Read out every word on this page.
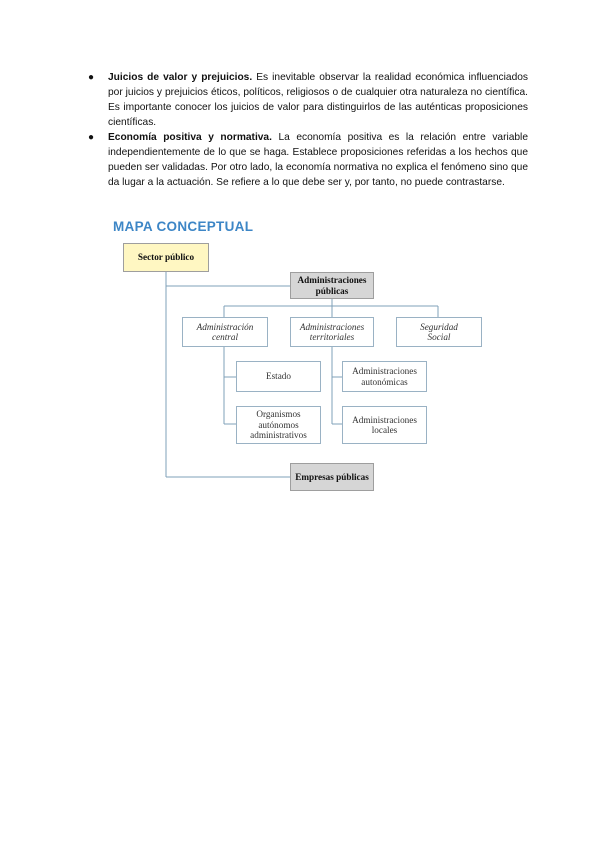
● Juicios de valor y prejuicios. Es inevitable observar la realidad económica influenciados por juicios y prejuicios éticos, políticos, religiosos o de cualquier otra naturaleza no científica. Es importante conocer los juicios de valor para distinguirlos de las auténticas proposiciones científicas.
● Economía positiva y normativa. La economía positiva es la relación entre variable independientemente de lo que se haga. Establece proposiciones referidas a los hechos que pueden ser validadas. Por otro lado, la economía normativa no explica el fenómeno sino que da lugar a la actuación. Se refiere a lo que debe ser y, por tanto, no puede contrastarse.
MAPA CONCEPTUAL
Sector público
Administraciones públicas
Administración central
Administraciones territoriales
Seguridad Social
Estado
Organismos autónomos administrativos
Administraciones autonómicas
Administraciones locales
Empresas públicas
